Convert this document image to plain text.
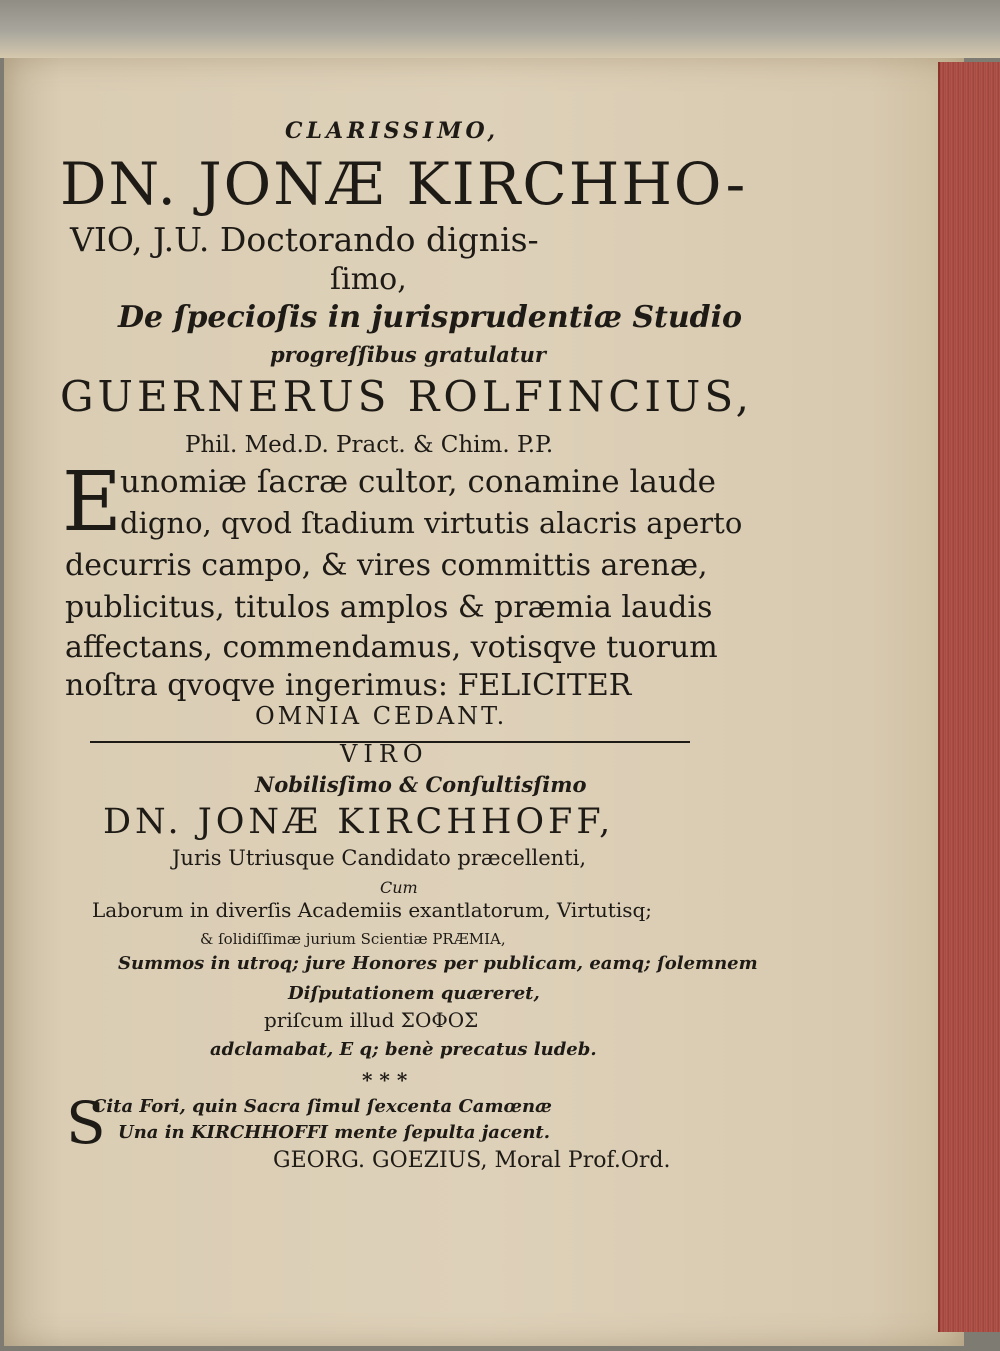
CLARISSIMO,
DN. JONÆ KIRCHHO-
VIO, J.U. Doctorando dignis-
ſimo,
De ſpecioſis in jurisprudentiæ Studio
progreſſibus gratulatur
GUERNERUS ROLFINCIUS,
Phil. Med.D. Pract. & Chim. P.P.
E
unomiæ ſacræ cultor, conamine laude
digno, qvod ſtadium virtutis alacris aperto
decurris campo, & vires committis arenæ,
publicitus, titulos amplos & præmia laudis
affectans, commendamus, votisqve tuorum
noſtra qvoqve ingerimus: FELICITER
OMNIA CEDANT.
VIRO
Nobilisſimo & Conſultisſimo
DN. JONÆ KIRCHHOFF,
Juris Utriusque Candidato præcellenti,
Cum
Laborum in diverſis Academiis exantlatorum, Virtutisq;
& ſolidiſſimæ jurium Scientiæ PRÆMIA,
Summos in utroq; jure Honores per publicam, eamq; ſolemnem
Diſputationem quæreret,
priſcum illud ΣΟΦΟΣ
adclamabat, E q; benè precatus ludeb.
* * *
S
Cita Fori, quin Sacra ſimul ſexcenta Camœnæ
Una in KIRCHHOFFI mente ſepulta jacent.
GEORG. GOEZIUS, Moral Prof.Ord.
